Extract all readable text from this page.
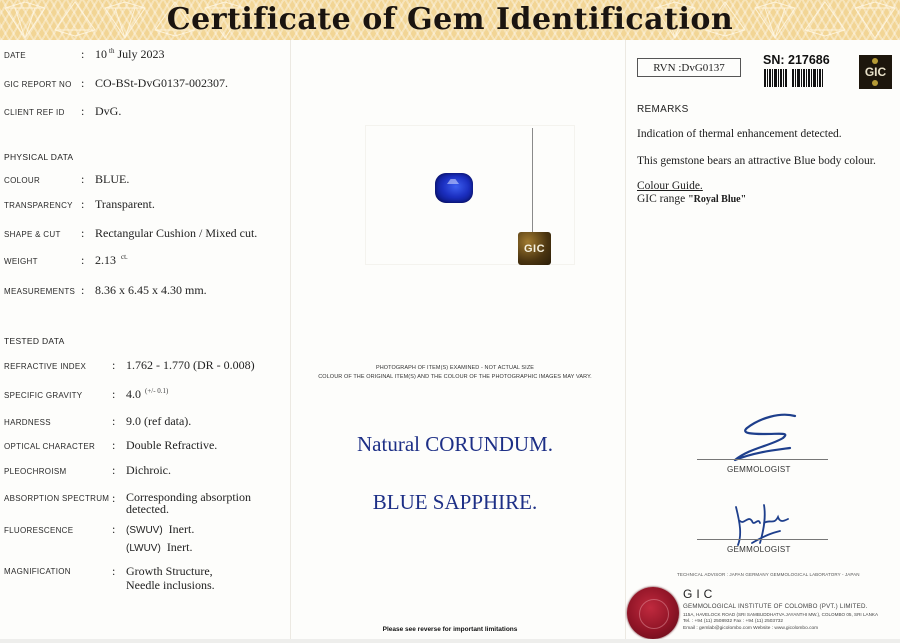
Certificate of Gem Identification
DATE	: 10 $^{th}$ July 2023
GIC REPORT NO : CO-BSt-DvG0137-002307.
CLIENT REF ID	: DvG.
PHYSICAL DATA
COLOUR	: BLUE.
TRANSPARENCY : Transparent.
SHAPE & CUT	: Rectangular Cushion / Mixed cut.
WEIGHT	: 2.13 $^{ct.}$
MEASUREMENTS : 8.36 x 6.45 x 4.30 mm.
TESTED DATA
REFRACTIVE INDEX	: 1.762 - 1.770 (DR - 0.008)
SPECIFIC GRAVITY	: 4.0 $^{(+/- 0.1)}$
HARDNESS	: 9.0 (ref data).
OPTICAL CHARACTER	: Double Refractive.
PLEOCHROISM	: Dichroic.
ABSORPTION SPECTRUM : Corresponding absorption
detected.
FLUORESCENCE	:	(SWUV) Inert.
(LWUV) Inert.
MAGNIFICATION	: Growth Structure,
Needle inclusions.
GIC
PHOTOGRAPH OF ITEM(S) EXAMINED - NOT ACTUAL SIZE
COLOUR OF THE ORIGINAL ITEM(S) AND THE COLOUR OF THE PHOTOGRAPHIC IMAGES MAY VARY.
Natural CORUNDUM.
BLUE SAPPHIRE.
Please see reverse for important limitations
RVN :DvG0137
SN: 217686
GIC
REMARKS
Indication of thermal enhancement detected.
This gemstone bears an attractive Blue body colour.
Colour Guide.
GIC range "Royal Blue"
GEMMOLOGIST
GEMMOLOGIST
TECHNICAL ADVISOR : JAPAN GERMANY GEMMOLOGICAL LABORATORY - JAPAN
GIC
GEMMOLOGICAL INSTITUTE OF COLOMBO (PVT.) LIMITED.
115A, HAVELOCK ROAD (SRI SAMBUDDHATVA JAYANTHI MW.), COLOMBO 05, SRI LANKA
Tel. : +94 (11) 2508932 Fax : +94 (11) 2503732
Email : gemlab@gicolombo.com Website : www.gicolombo.com
